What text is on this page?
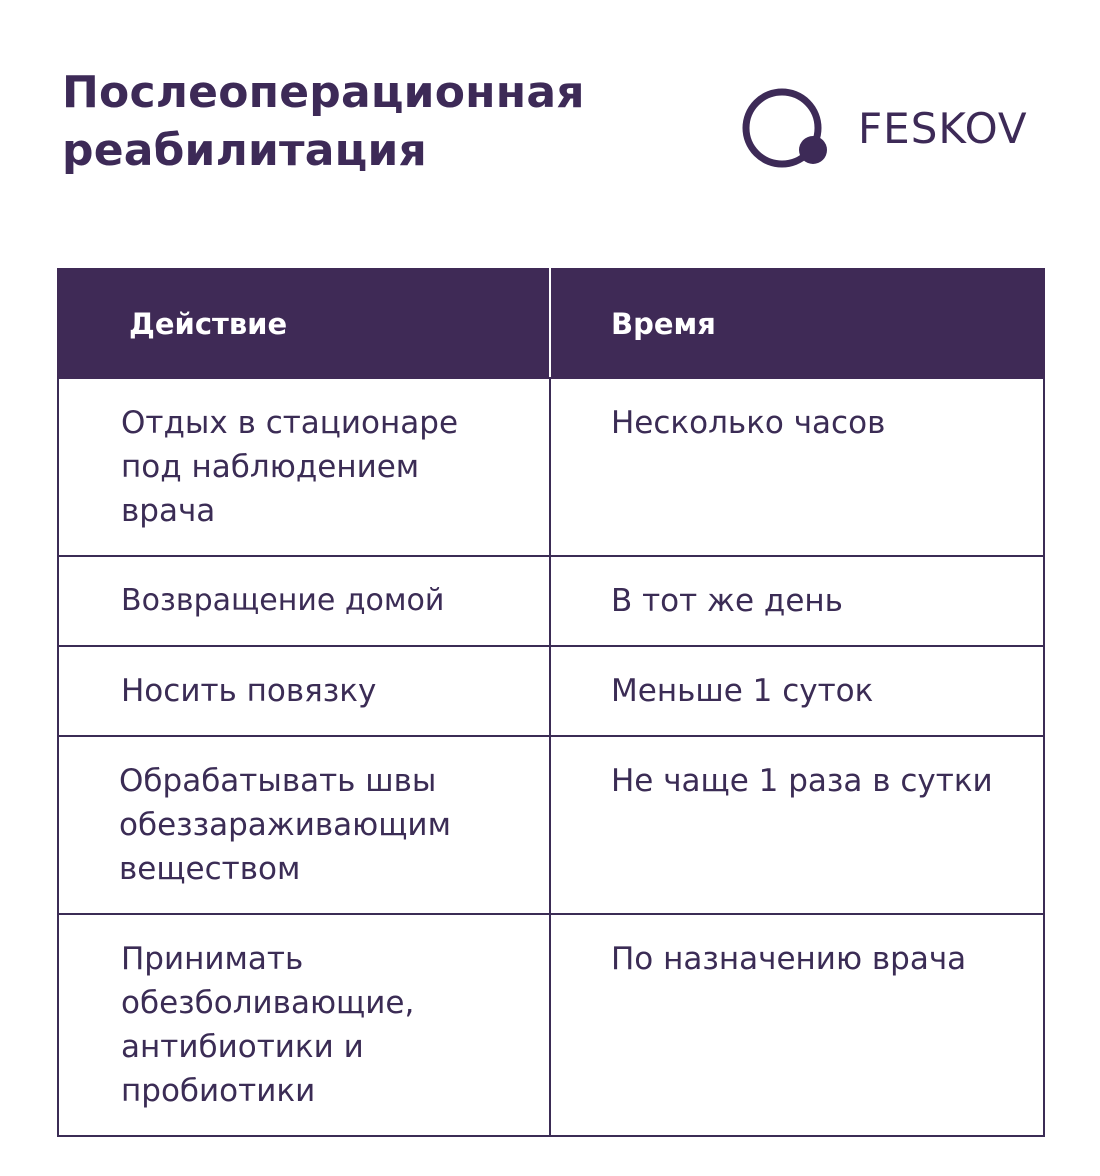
Послеоперационная
реабилитация	FESKOV
Действие	Время
Отдых в стационаре под наблюдением врача	Несколько часов
Возвращение домой	В тот же день
Носить повязку	Меньше 1 суток
Обрабатывать швы обеззараживающим веществом	Не чаще 1 раза в сутки
Принимать обезболивающие, антибиотики и пробиотики	По назначению врача
